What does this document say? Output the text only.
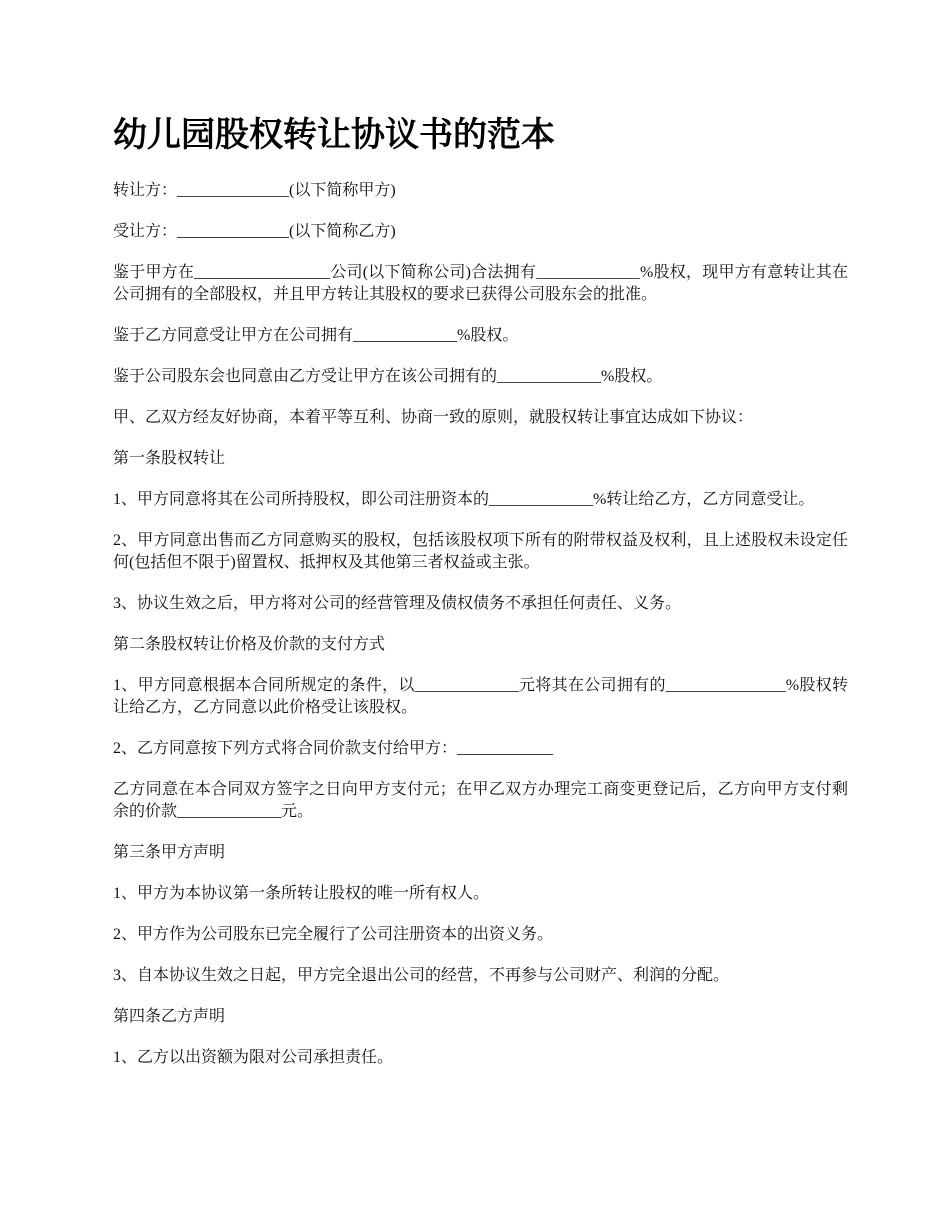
幼儿园股权转让协议书的范本

转让方：______________(以下简称甲方)

受让方：______________(以下简称乙方)

鉴于甲方在_________________公司(以下简称公司)合法拥有_____________%股权，现甲方有意转让其在公司拥有的全部股权，并且甲方转让其股权的要求已获得公司股东会的批准。

鉴于乙方同意受让甲方在公司拥有_____________%股权。

鉴于公司股东会也同意由乙方受让甲方在该公司拥有的_____________%股权。

甲、乙双方经友好协商，本着平等互利、协商一致的原则，就股权转让事宜达成如下协议：

第一条股权转让

1、甲方同意将其在公司所持股权，即公司注册资本的_____________%转让给乙方，乙方同意受让。

2、甲方同意出售而乙方同意购买的股权，包括该股权项下所有的附带权益及权利，且上述股权未设定任何(包括但不限于)留置权、抵押权及其他第三者权益或主张。

3、协议生效之后，甲方将对公司的经营管理及债权债务不承担任何责任、义务。

第二条股权转让价格及价款的支付方式

1、甲方同意根据本合同所规定的条件，以_____________元将其在公司拥有的_______________%股权转让给乙方，乙方同意以此价格受让该股权。

2、乙方同意按下列方式将合同价款支付给甲方：____________

乙方同意在本合同双方签字之日向甲方支付元；在甲乙双方办理完工商变更登记后，乙方向甲方支付剩余的价款_____________元。

第三条甲方声明

1、甲方为本协议第一条所转让股权的唯一所有权人。

2、甲方作为公司股东已完全履行了公司注册资本的出资义务。

3、自本协议生效之日起，甲方完全退出公司的经营，不再参与公司财产、利润的分配。

第四条乙方声明

1、乙方以出资额为限对公司承担责任。
